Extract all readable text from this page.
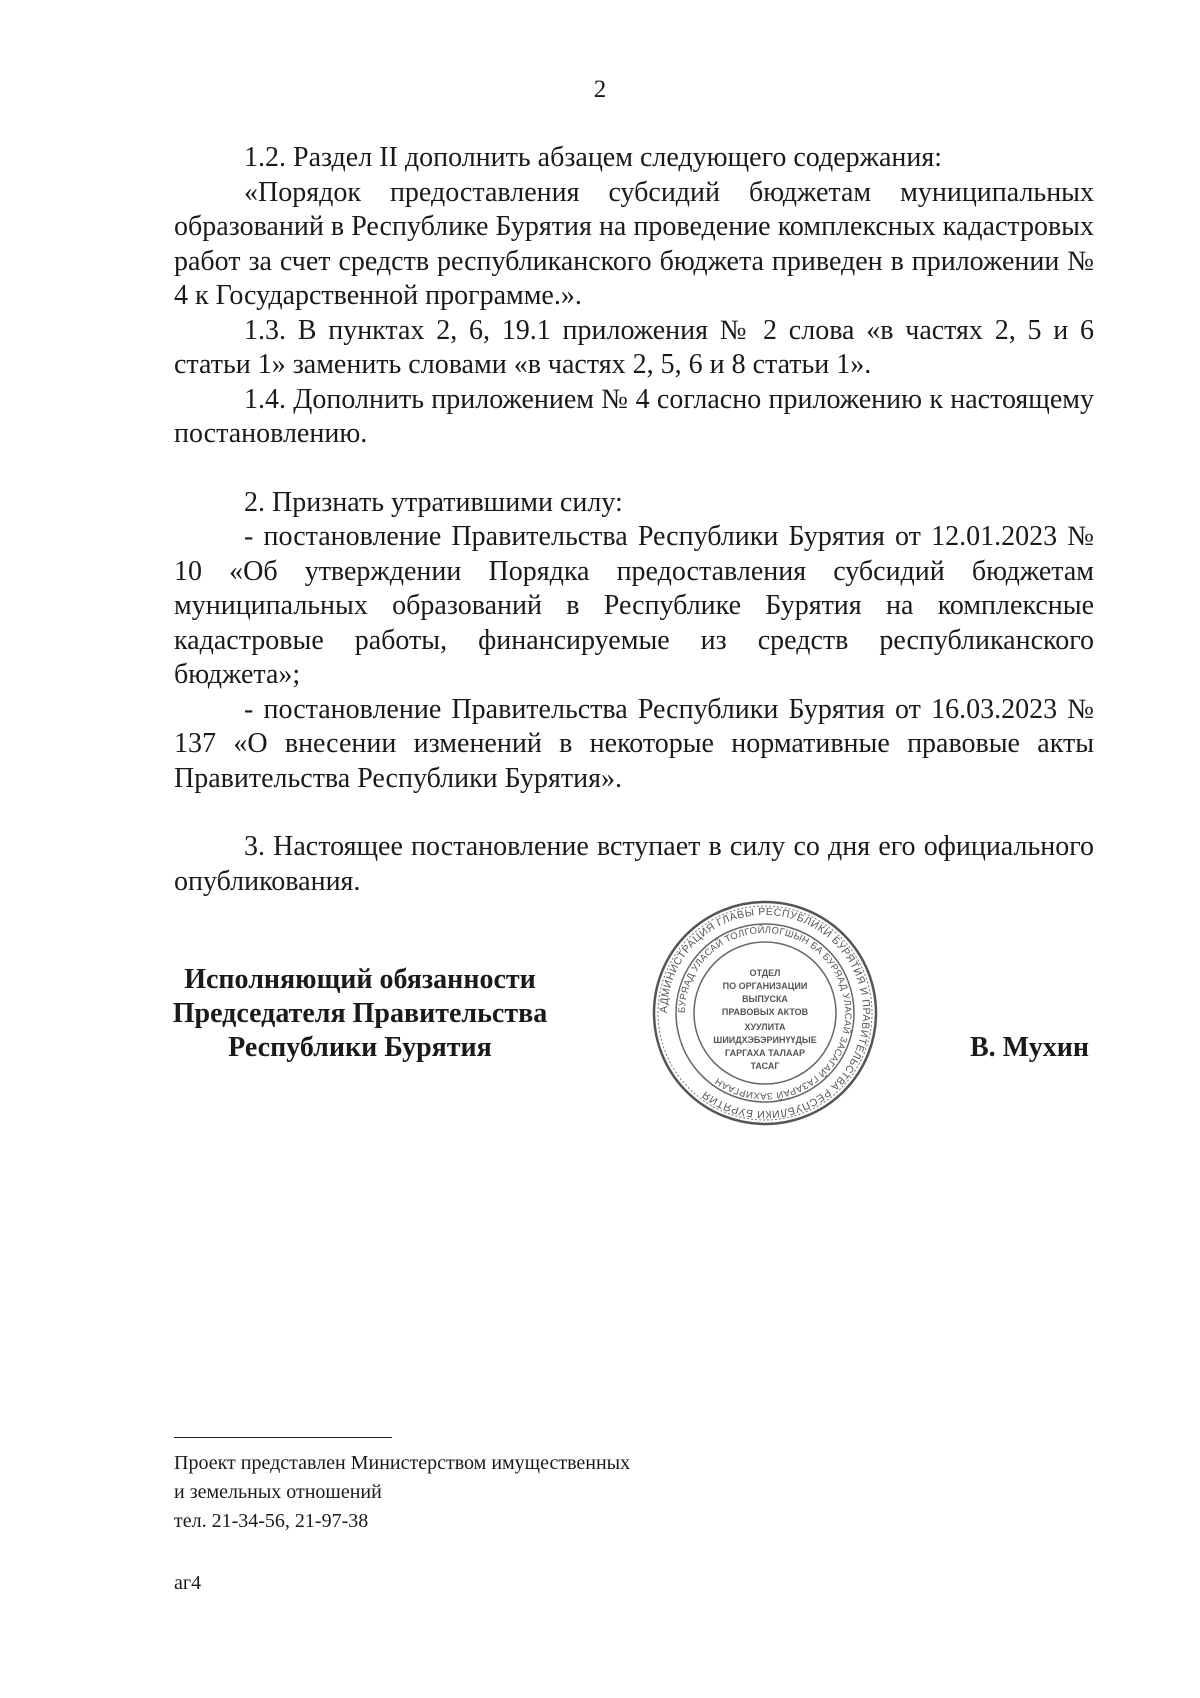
2

1.2. Раздел II дополнить абзацем следующего содержания:

«Порядок предоставления субсидий бюджетам муниципальных образований в Республике Бурятия на проведение комплексных кадастровых работ за счет средств республиканского бюджета приведен в приложении № 4 к Государственной программе.».

1.3. В пунктах 2, 6, 19.1 приложения № 2 слова «в частях 2, 5 и 6 статьи 1» заменить словами «в частях 2, 5, 6 и 8 статьи 1».

1.4. Дополнить приложением № 4 согласно приложению к настоящему постановлению.

2. Признать утратившими силу:

- постановление Правительства Республики Бурятия от 12.01.2023 № 10 «Об утверждении Порядка предоставления субсидий бюджетам муниципальных образований в Республике Бурятия на комплексные кадастровые работы, финансируемые из средств республиканского бюджета»;

- постановление Правительства Республики Бурятия от 16.03.2023 № 137 «О внесении изменений в некоторые нормативные правовые акты Правительства Республики Бурятия».

3. Настоящее постановление вступает в силу со дня его официального опубликования.

Исполняющий обязанности
Председателя Правительства
Республики Бурятия
АДМИНИСТРАЦИЯ ГЛАВЫ РЕСПУБЛИКИ БУРЯТИЯ И ПРАВИТЕЛЬСТВА РЕСПУБЛИКИ БУРЯТИЯ
БУРЯАД УЛАСАЙ ТОЛГОЙЛОГШЫН БА БУРЯАД УЛАСАЙ ЗАСАГАЙ ГАЗАРАЙ ЗАХИРГААН
ОТДЕЛ
ПО ОРГАНИЗАЦИИ
ВЫПУСКА
ПРАВОВЫХ АКТОВ
ХУУЛИТА
ШИИДХЭБЭРИНҮҮДЫЕ
ГАРГАХА ТАЛААР
ТАСАГ
В. Мухин
Проект представлен Министерством имущественных
и земельных отношений
тел. 21-34-56, 21-97-38
аг4
